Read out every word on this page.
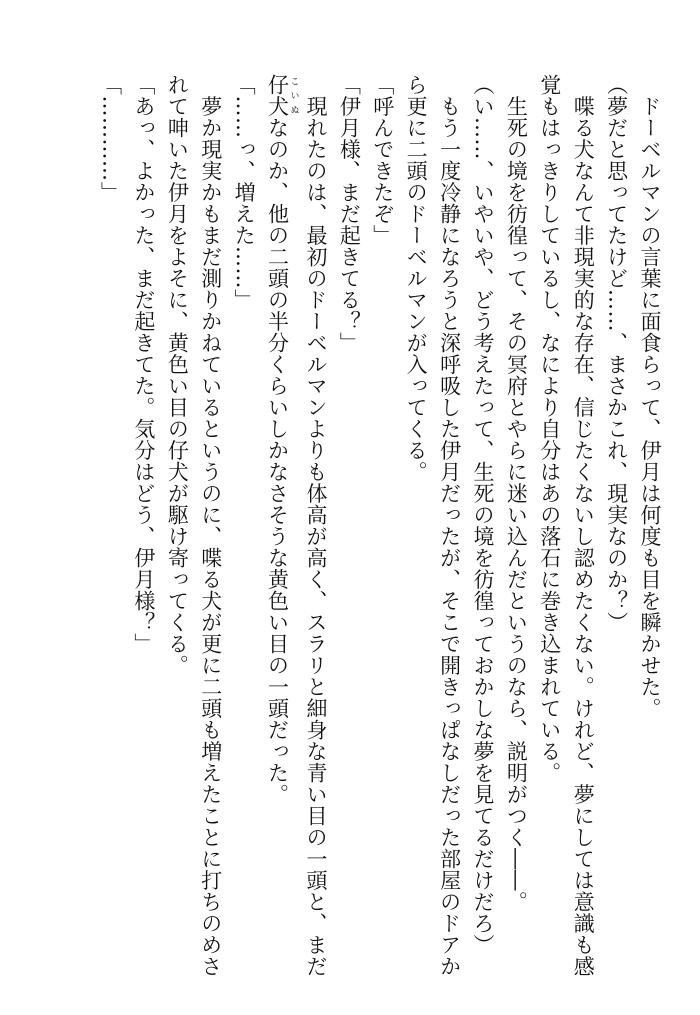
　ドーベルマンの言葉に面食らって、伊月は何度も目を瞬かせた。
（夢だと思ってたけど……、まさかこれ、現実なのか？）
　喋る犬なんて非現実的な存在、信じたくないし認めたくない。けれど、夢にしては意識も感
覚もはっきりしているし、なにより自分はあの落石に巻き込まれている。
　生死の境を彷徨って、その冥府とやらに迷い込んだというのなら、説明がつく――。
（い……、いやいや、どう考えたって、生死の境を彷徨っておかしな夢を見てるだけだろ）
　もう一度冷静になろうと深呼吸した伊月だったが、そこで開きっぱなしだった部屋のドアか
ら更に二頭のドーベルマンが入ってくる。
「呼んできたぞ」
「伊月様、まだ起きてる？」
　現れたのは、最初のドーベルマンよりも体高が高く、スラリと細身な青い目の一頭と、まだ
仔犬 こいぬなのか、他の二頭の半分くらいしかなさそうな黄色い目の一頭だった。
「……っ、増えた……」
　夢か現実かもまだ測りかねているというのに、喋る犬が更に二頭も増えたことに打ちのめさ
れて呻いた伊月をよそに、黄色い目の仔犬が駆け寄ってくる。
「あっ、よかった、まだ起きてた。気分はどう、伊月様？」
「…………」
